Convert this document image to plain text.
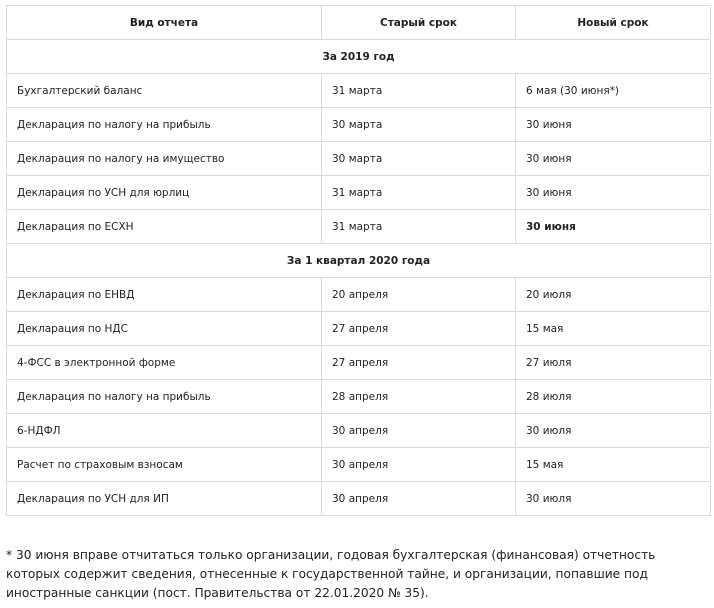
Вид отчета	Старый срок	Новый срок
За 2019 год		
Бухгалтерский баланс	31 марта	6 мая (30 июня*)
Декларация по налогу на прибыль	30 марта	30 июня
Декларация по налогу на имущество	30 марта	30 июня
Декларация по УСН для юрлиц	31 марта	30 июня
Декларация по ЕСХН	31 марта	30 июня
За 1 квартал 2020 года		
Декларация по ЕНВД	20 апреля	20 июля
Декларация по НДС	27 апреля	15 мая
4-ФСС в электронной форме	27 апреля	27 июля
Декларация по налогу на прибыль	28 апреля	28 июля
6-НДФЛ	30 апреля	30 июля
Расчет по страховым взносам	30 апреля	15 мая
Декларация по УСН для ИП	30 апреля	30 июля

* 30 июня вправе отчитаться только организации, годовая бухгалтерская (финансовая) отчетность которых содержит сведения, отнесенные к государственной тайне, и организации, попавшие под иностранные санкции (пост. Правительства от 22.01.2020 № 35).
